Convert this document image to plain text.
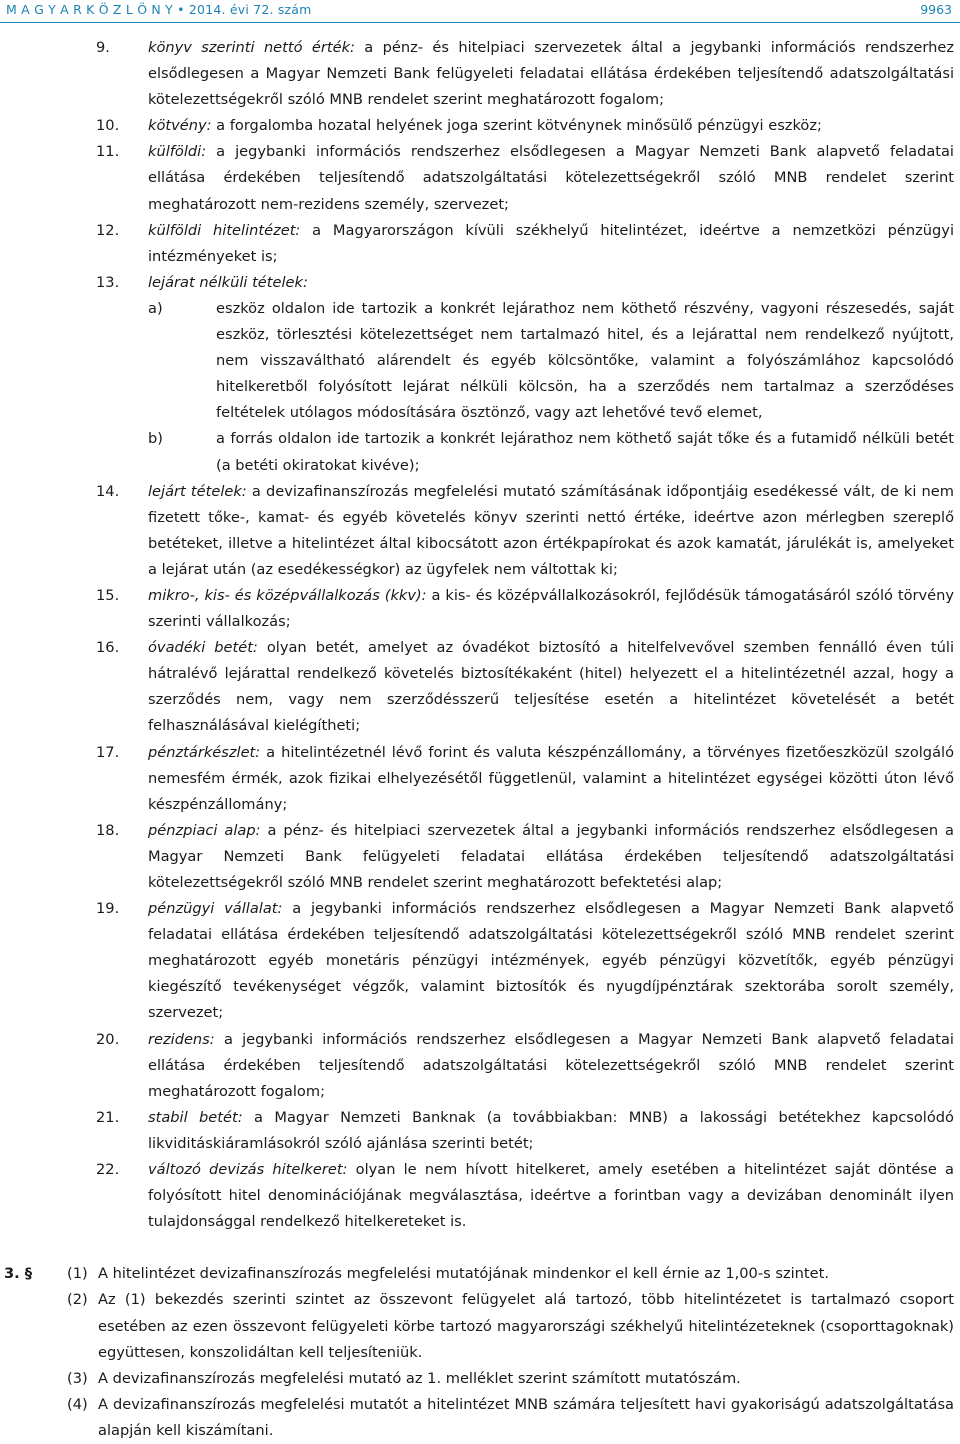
M A G Y A R K Ö Z L Ö N Y • 2014. évi 72. szám	9963
9.	könyv szerinti nettó érték: a pénz- és hitelpiaci szervezetek által a jegybanki információs rendszerhez elsődlegesen a Magyar Nemzeti Bank felügyeleti feladatai ellátása érdekében teljesítendő adatszolgáltatási kötelezettségekről szóló MNB rendelet szerint meghatározott fogalom;
10. kötvény: a forgalomba hozatal helyének joga szerint kötvénynek minősülő pénzügyi eszköz;
11. külföldi: a jegybanki információs rendszerhez elsődlegesen a Magyar Nemzeti Bank alapvető feladatai ellátása érdekében teljesítendő adatszolgáltatási kötelezettségekről szóló MNB rendelet szerint meghatározott nem-rezidens személy, szervezet;
12. külföldi hitelintézet: a Magyarországon kívüli székhelyű hitelintézet, ideértve a nemzetközi pénzügyi intézményeket is;
13. lejárat nélküli tételek:
a)	eszköz oldalon ide tartozik a konkrét lejárathoz nem köthető részvény, vagyoni részesedés, saját eszköz, törlesztési kötelezettséget nem tartalmazó hitel, és a lejárattal nem rendelkező nyújtott, nem visszaváltható alárendelt és egyéb kölcsöntőke, valamint a folyószámlához kapcsolódó hitelkeretből folyósított lejárat nélküli kölcsön, ha a szerződés nem tartalmaz a szerződéses feltételek utólagos módosítására ösztönző, vagy azt lehetővé tevő elemet,
b)	a forrás oldalon ide tartozik a konkrét lejárathoz nem köthető saját tőke és a futamidő nélküli betét (a betéti okiratokat kivéve);
14. lejárt tételek: a devizafinanszírozás megfelelési mutató számításának időpontjáig esedékessé vált, de ki nem fizetett tőke-, kamat- és egyéb követelés könyv szerinti nettó értéke, ideértve azon mérlegben szereplő betéteket, illetve a hitelintézet által kibocsátott azon értékpapírokat és azok kamatát, járulékát is, amelyeket a lejárat után (az esedékességkor) az ügyfelek nem váltottak ki;
15. mikro-, kis- és középvállalkozás (kkv): a kis- és középvállalkozásokról, fejlődésük támogatásáról szóló törvény szerinti vállalkozás;
16. óvadéki betét: olyan betét, amelyet az óvadékot biztosító a hitelfelvevővel szemben fennálló éven túli hátralévő lejárattal rendelkező követelés biztosítékaként (hitel) helyezett el a hitelintézetnél azzal, hogy a szerződés nem, vagy nem szerződésszerű teljesítése esetén a hitelintézet követelését a betét felhasználásával kielégítheti;
17. pénztárkészlet: a hitelintézetnél lévő forint és valuta készpénzállomány, a törvényes fizetőeszközül szolgáló nemesfém érmék, azok fizikai elhelyezésétől függetlenül, valamint a hitelintézet egységei közötti úton lévő készpénzállomány;
18. pénzpiaci alap: a pénz- és hitelpiaci szervezetek által a jegybanki információs rendszerhez elsődlegesen a Magyar Nemzeti Bank felügyeleti feladatai ellátása érdekében teljesítendő adatszolgáltatási kötelezettségekről szóló MNB rendelet szerint meghatározott befektetési alap;
19. pénzügyi vállalat: a jegybanki információs rendszerhez elsődlegesen a Magyar Nemzeti Bank alapvető feladatai ellátása érdekében teljesítendő adatszolgáltatási kötelezettségekről szóló MNB rendelet szerint meghatározott egyéb monetáris pénzügyi intézmények, egyéb pénzügyi közvetítők, egyéb pénzügyi kiegészítő tevékenységet végzők, valamint biztosítók és nyugdíjpénztárak szektorába sorolt személy, szervezet;
20. rezidens: a jegybanki információs rendszerhez elsődlegesen a Magyar Nemzeti Bank alapvető feladatai ellátása érdekében teljesítendő adatszolgáltatási kötelezettségekről szóló MNB rendelet szerint meghatározott fogalom;
21. stabil betét: a Magyar Nemzeti Banknak (a továbbiakban: MNB) a lakossági betétekhez kapcsolódó likviditáskiáramlásokról szóló ajánlása szerinti betét;
22. változó devizás hitelkeret: olyan le nem hívott hitelkeret, amely esetében a hitelintézet saját döntése a folyósított hitel denominációjának megválasztása, ideértve a forintban vagy a devizában denominált ilyen tulajdonsággal rendelkező hitelkereteket is.
3. § (1) A hitelintézet devizafinanszírozás megfelelési mutatójának mindenkor el kell érnie az 1,00-s szintet.
(2) Az (1) bekezdés szerinti szintet az összevont felügyelet alá tartozó, több hitelintézetet is tartalmazó csoport esetében az ezen összevont felügyeleti körbe tartozó magyarországi székhelyű hitelintézeteknek (csoporttagoknak) együttesen, konszolidáltan kell teljesíteniük.
(3) A devizafinanszírozás megfelelési mutató az 1. melléklet szerint számított mutatószám.
(4) A devizafinanszírozás megfelelési mutatót a hitelintézet MNB számára teljesített havi gyakoriságú adatszolgáltatása alapján kell kiszámítani.
